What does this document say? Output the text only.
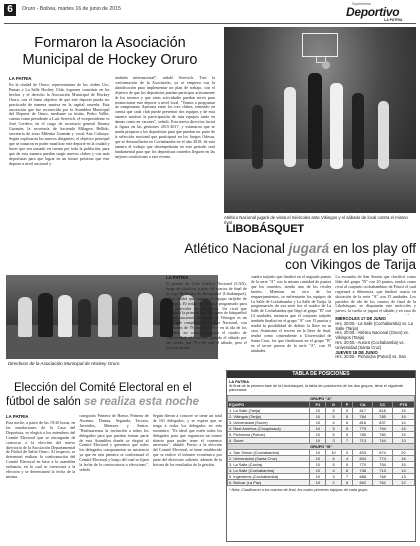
6	Oruro - Bolivia, martes 16 de junio de 2015
Suplemento
Deportivo
LA PATRIA
Formaron la Asociación Municipal de Hockey Oruro
LA PATRIA
En la ciudad de Oruro, representantes de los clubes Uro, Pumas y La Salle Hockey Club, lograron constituir en los hechos y el derecho la Asociación Municipal de Hockey Oruro, con el firme objetivo de que este deporte pueda ser practicado de manera masiva en la capital orureña. Esta asociación que fue reconocida por la Asamblea Municipal del Deporte de Oruro, mediante su titular, Pedro Vallín, cuenta como presidente a Luis Serevich, el vicepresidente es José Cordero, en el cargo de secretario general Jhonny Guzmán; la secretaría de hacienda Milagros Bellido, secretaría de actas Milenka Guzmán y vocal Ana Calizaya. Según explicaron los nuevos dirigentes, el objetivo principal que se trazaron es poder masificar este deporte en la ciudad y hacer que sea tomado en cuenta por toda la población, para que de esta manera puedan surgir nuevos clubes y con más deportistas para que lograr en un futuro próximo que este deporte a nivel nacional y
también internacional", señaló Serevich. Tras la conformación de la Asociación, ya se empieza con la planificación para implementar un plan de trabajo, con el objetivo de que los deportistas puedan participar activamente de los torneos y que estas actividades puedan servir para promocionar este deporte a nivel local. "Vamos a programar un campeonato Apertura entre los tres clubes, teniendo en cuenta que cada club puede presentar dos equipos y de esta manera motivar la participación de más equipos tanto en damas como en varones", señaló. Esta nueva directiva lucirá la figura en las gestiones 2015-2017, y estimaron que se pueda preparar a los deportistas para que puedan ser parte de la selección nacional que participará en los Juegos Odesur, que se desarrollarán en Cochabamba en el año 2018, de esta manera el trabajo que desempeñarán en este periodo será fundamental para que los deportistas orureños lleguen en las mejores condiciones a este evento.
Directivos de la Asociación Municipal de Hockey Oruro
Atlético Nacional jugará de visita el miércoles ante Vikingos y el sábado de local contra el mismo rival
LIBOBÁSQUET
Atlético Nacional jugará en los play off con Vikingos de Tarija
LA PATRIA
El plantel de Club Atlético Nacional (CAN), luego de clasificar a play off cuartos de final de la Liga Boliviana de Básquetbol (Libobásquet), ahora tendrá que superar al equipo tarijeño de Vikingos. El rodaje de ida será programado para este miércoles por la noche. Un rival que complicó la primera fase de torneo de básquetbol a nivel nacional, el equipo de Vikingos es un rival que complicó al Atlético Nacional, con resultados de 78 puntos a 70 y en la ida de los partidos, no consiguió ganar el cuadro de Universidad, el resultado ganado el sábado por ese estado, por 78 a 66 ante el sábado, pero el local no podrá.
cuadro tarijeño que finalizó en el segundo puesto de la serie "A" con la misma cantidad de puntos que los orureños, siendo uno de los rivales fuertes. Mientras en otro de los emparejamientos, se enfrentarán los equipos de La Salle de Cochabamba y La Salle de Tarija, la programación de esa serie fue el cuadro de La Salle de Cochabamba que llegó al grupo "B" con 14 unidades, mientras que el conjunto tarijeño también finalizó en el grupo "A" con 15 puntos y tendrá la posibilidad de definir la llave en su casa. Asimismo el tercero en la llave de final, tendrá como contendiente a Universidad de Santa Cruz, los que finalizaron en el grupo "B" en el tercer puesto de la serie "A", con 19 unidades.
La escuadra de San Simón que clasificó como líder del grupo "B" con 20 puntos, tendrá como rival al conjunto cochabambino de Potosí el cual regresará a diferencia, que finalizó cuarto en ubicación de la serie "A" con 15 unidades. Los partidos de ida de los cuartos de final de la Libobásquet, se disputarán este miércoles y jueves, la vuelta se jugará el sábado y en caso de
MIÉRCOLES 17 DE JUNIO
Hrs. 20:00.- La Salle (Cochabamba) vs. La Salle (Tarija)
Hrs. 20:00.- Atlético Nacional (Oruro) vs. Vikingos (Tarija)
Hrs. 20:00.- Aurora (Cochabamba) vs. Universidad (Santa Cruz)
JUEVES 18 DE JUNIO
Hrs. 20:00.- Pichincha (Potosí) vs. San
Elección del Comité Electoral en el
fútbol de salón se realiza esta noche
LA PATRIA
Esta noche, a partir de las 19:30 horas, en las instalaciones de la Casa del Deportista, se elegirá a los miembros del Comité Electoral que se encargarán de convocar a la elección del nuevo directorio de la Asociación Departamental de Fútbol de Salón Oruro. Al respecto, se determinó realizar la conformación del Comité Electoral en base a la asamblea ordinaria, en la cual se convocará a la elección y se determinará la fecha de la misma.
categorías Primera de Honor, Primera de Ascenso, Damas, Segunda, Tercera, Juveniles, Menores y Senior. "Realizaremos la invitación a todos los delegados para que puedan formar parte de esta Asamblea donde se elegirá al Comité Electoral y queremos que todos los delegados comprometan su asistencia ya que en esta primera se conformará el Comité Electoral y luego del cual se fijará la fecha de la convocatoria a elecciones", señaló.
Según dieron a conocer se tiene un total de 161 delegados, y se espera que se tenga a todos los delegados en este encuentro. "Es ideal que estén todos los delegados para que organicen un torneo abierto para poder tener el consenso necesario", añadió. Previo a la elección del Comité Electoral, se tiene establecido que se realice el informe económico por parte del directorio saliente, además de la lectura de los resultados de la gestión.
TABLA DE POSICIONES
LA PATRIA
Al final de la primera fase de la Libobásquet, la tabla de posiciones de los dos grupos, tiene el siguiente panorama:
GRUPO "A"						
EQUIPO	PJ	G	P	CA	CC	PTS
1. La Salle (Tarija)	10	5	5	817	818	15
2. Vikingos (Tarija)	10	5	5	784	785	15
3. Universidad (Sucre)	10	4	6	816	837	14
4. Real América (Chuquisaca)	10	5	5	779	794	15
5. Pichincha (Potosí)	10	5	5	785	780	15
6. Sucre	10	3	7	713	744	13
GRUPO "B"						
1. San Simón (Cochabamba)	10	10	0	833	674	20
2. Universidad (Santa Cruz)	10	6	4	834	774	16
3. La Salle (Cocha)	10	5	5	770	754	15
4. La Salle (Cochabamba)	10	4	6	746	713	14
5. Ingenieros (Cochabamba)	10	3	7	688	768	13
6. Bolívar (La Paz)	10	2	8	692	762	12
* Nota: Clasificaron a los cuartos de final, los cuatro primeros equipos de cada grupo.
